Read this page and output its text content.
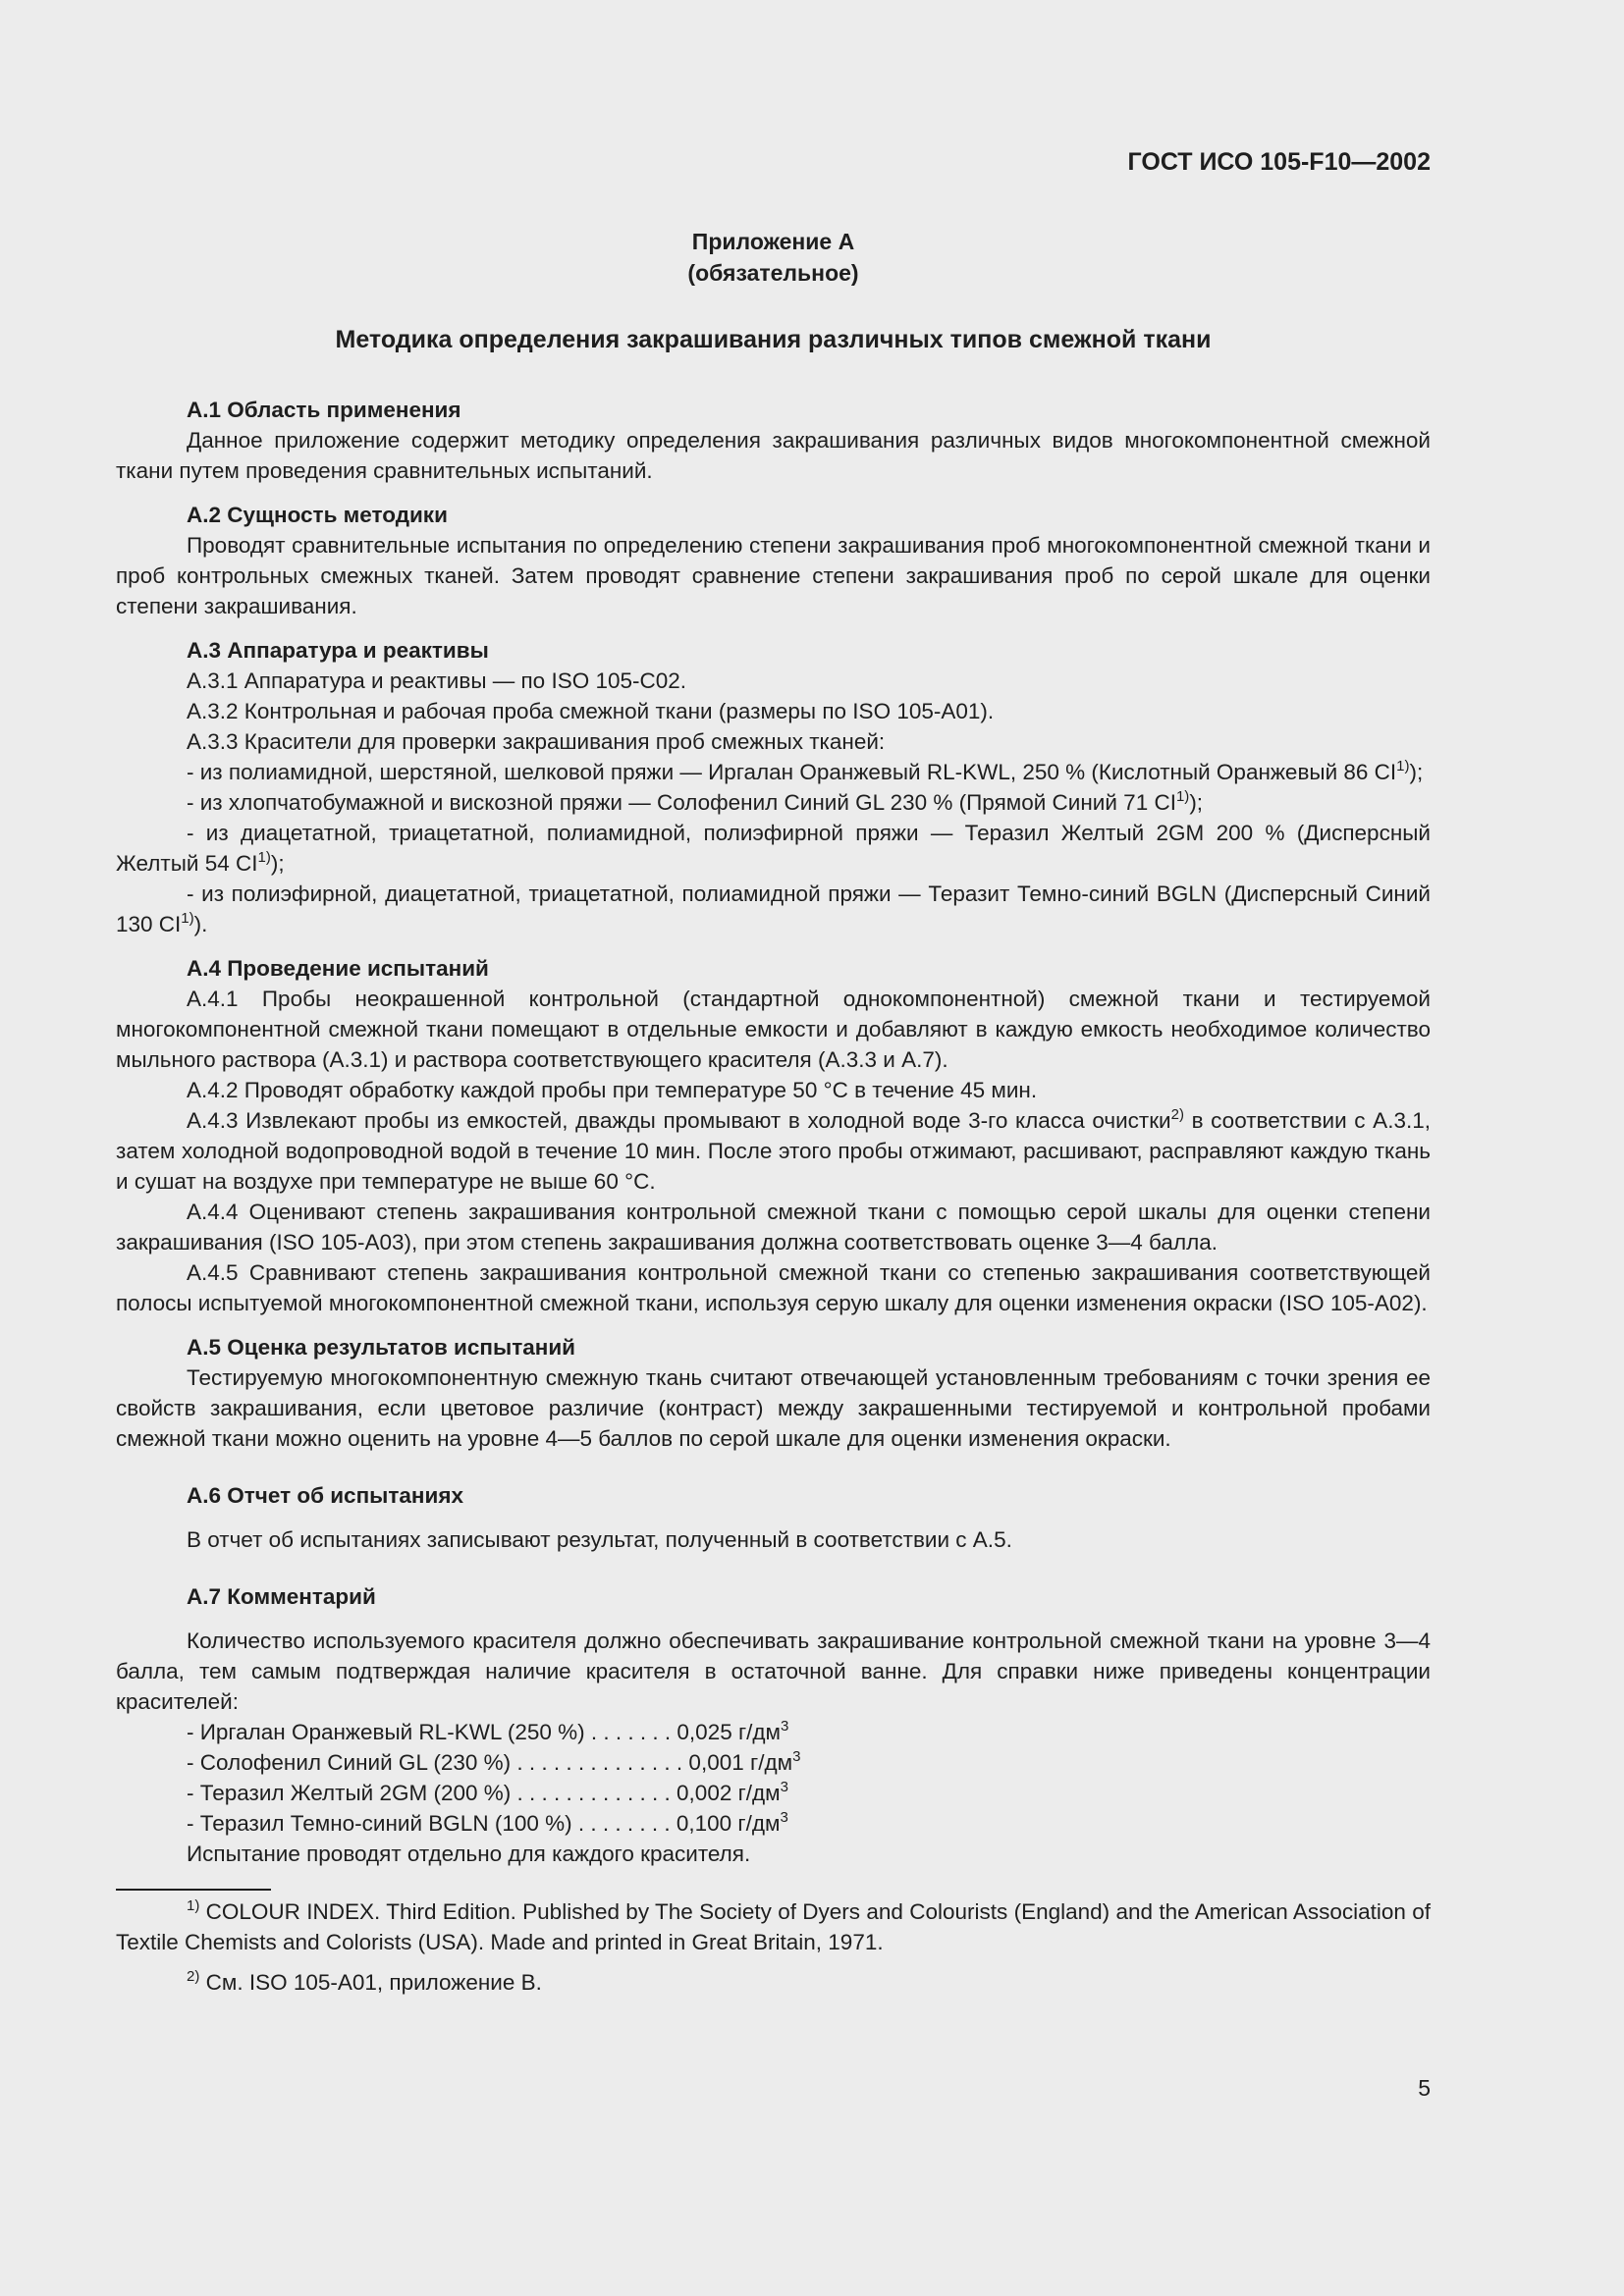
ГОСТ ИСО 105-F10—2002
Приложение А
(обязательное)
Методика определения закрашивания различных типов смежной ткани
А.1 Область применения
Данное приложение содержит методику определения закрашивания различных видов многокомпонентной смежной ткани путем проведения сравнительных испытаний.
А.2 Сущность методики
Проводят сравнительные испытания по определению степени закрашивания проб многокомпонентной смежной ткани и проб контрольных смежных тканей. Затем проводят сравнение степени закрашивания проб по серой шкале для оценки степени закрашивания.
А.3 Аппаратура и реактивы
А.3.1 Аппаратура и реактивы — по ISO 105-С02.
А.3.2 Контрольная и рабочая проба смежной ткани (размеры по ISO 105-А01).
А.3.3 Красители для проверки закрашивания проб смежных тканей:
- из полиамидной, шерстяной, шелковой пряжи — Иргалан Оранжевый RL-KWL, 250 % (Кислотный Оранжевый 86 CI$^{1)}$);
- из хлопчатобумажной и вискозной пряжи — Солофенил Синий GL 230 % (Прямой Синий 71 CI$^{1)}$);
- из диацетатной, триацетатной, полиамидной, полиэфирной пряжи — Теразил Желтый 2GM 200 % (Дисперсный Желтый 54 CI$^{1)}$);
- из полиэфирной, диацетатной, триацетатной, полиамидной пряжи — Теразит Темно-синий BGLN (Дисперсный Синий 130 CI$^{1)}$).
А.4 Проведение испытаний
А.4.1 Пробы неокрашенной контрольной (стандартной однокомпонентной) смежной ткани и тестируемой многокомпонентной смежной ткани помещают в отдельные емкости и добавляют в каждую емкость необходимое количество мыльного раствора (А.3.1) и раствора соответствующего красителя (А.3.3 и А.7).
А.4.2 Проводят обработку каждой пробы при температуре 50 °С в течение 45 мин.
А.4.3 Извлекают пробы из емкостей, дважды промывают в холодной воде 3-го класса очистки$^{2)}$ в соответствии с А.3.1, затем холодной водопроводной водой в течение 10 мин. После этого пробы отжимают, расшивают, расправляют каждую ткань и сушат на воздухе при температуре не выше 60 °С.
А.4.4 Оценивают степень закрашивания контрольной смежной ткани с помощью серой шкалы для оценки степени закрашивания (ISO 105-А03), при этом степень закрашивания должна соответствовать оценке 3—4 балла.
А.4.5 Сравнивают степень закрашивания контрольной смежной ткани со степенью закрашивания соответствующей полосы испытуемой многокомпонентной смежной ткани, используя серую шкалу для оценки изменения окраски (ISO 105-А02).
А.5 Оценка результатов испытаний
Тестируемую многокомпонентную смежную ткань считают отвечающей установленным требованиям с точки зрения ее свойств закрашивания, если цветовое различие (контраст) между закрашенными тестируемой и контрольной пробами смежной ткани можно оценить на уровне 4—5 баллов по серой шкале для оценки изменения окраски.
А.6 Отчет об испытаниях
В отчет об испытаниях записывают результат, полученный в соответствии с А.5.
А.7 Комментарий
Количество используемого красителя должно обеспечивать закрашивание контрольной смежной ткани на уровне 3—4 балла, тем самым подтверждая наличие красителя в остаточной ванне. Для справки ниже приведены концентрации красителей:
- Иргалан Оранжевый RL-KWL (250 %) . . . . . . . 0,025 $г/дм^3$
- Солофенил Синий GL (230 %) . . . . . . . . . . . . . . 0,001 $г/дм^3$
- Теразил Желтый 2GM (200 %) . . . . . . . . . . . . . 0,002 $г/дм^3$
- Теразил Темно-синий BGLN (100 %) . . . . . . . . 0,100 $г/дм^3$
Испытание проводят отдельно для каждого красителя.
$^{1)}$ COLOUR INDEX. Third Edition. Published by The Society of Dyers and Colourists (England) and the American Association of Textile Chemists and Colorists (USA). Made and printed in Great Britain, 1971.
$^{2)}$ См. ISO 105-A01, приложение В.
5
